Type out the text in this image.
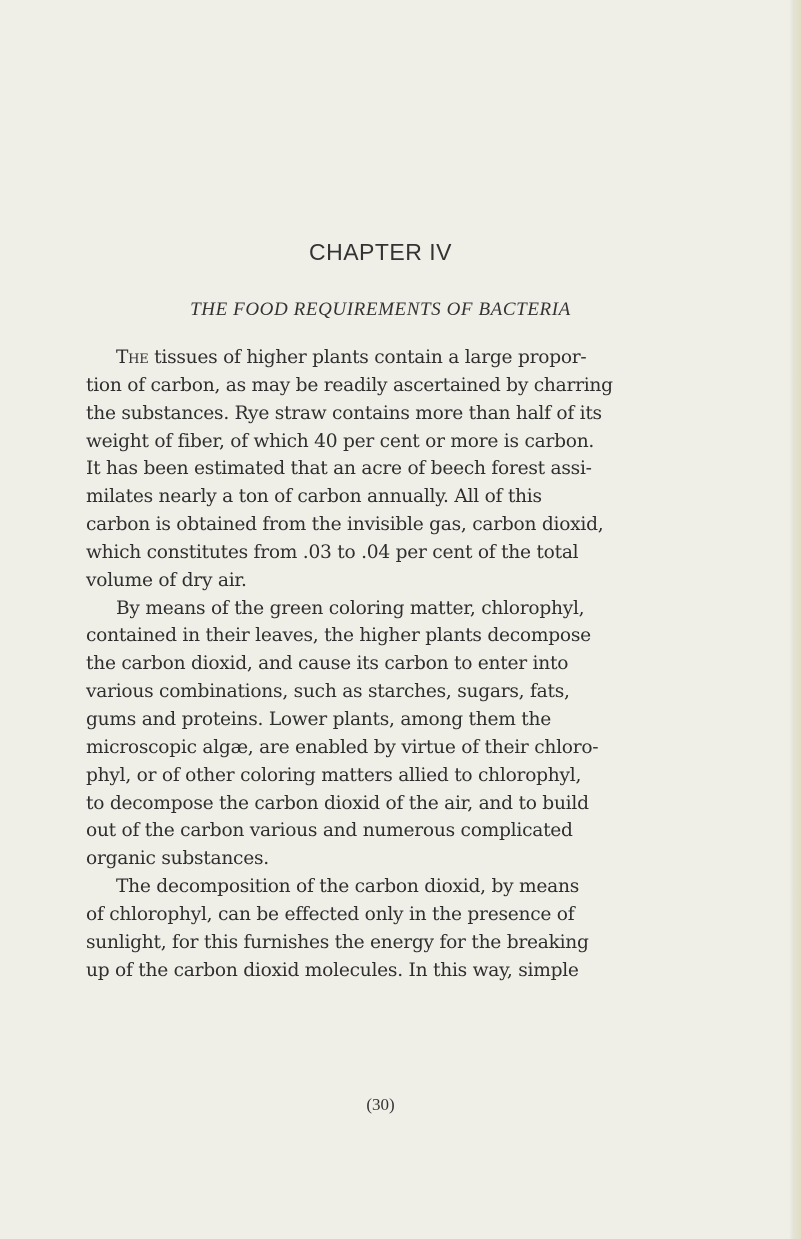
CHAPTER IV
THE FOOD REQUIREMENTS OF BACTERIA
The tissues of higher plants contain a large propor-
tion of carbon, as may be readily ascertained by charring
the substances. Rye straw contains more than half of its
weight of fiber, of which 40 per cent or more is carbon.
It has been estimated that an acre of beech forest assi-
milates nearly a ton of carbon annually. All of this
carbon is obtained from the invisible gas, carbon dioxid,
which constitutes from .03 to .04 per cent of the total
volume of dry air.
By means of the green coloring matter, chlorophyl,
contained in their leaves, the higher plants decompose
the carbon dioxid, and cause its carbon to enter into
various combinations, such as starches, sugars, fats,
gums and proteins. Lower plants, among them the
microscopic algæ, are enabled by virtue of their chloro-
phyl, or of other coloring matters allied to chlorophyl,
to decompose the carbon dioxid of the air, and to build
out of the carbon various and numerous complicated
organic substances.
The decomposition of the carbon dioxid, by means
of chlorophyl, can be effected only in the presence of
sunlight, for this furnishes the energy for the breaking
up of the carbon dioxid molecules. In this way, simple
(30)
